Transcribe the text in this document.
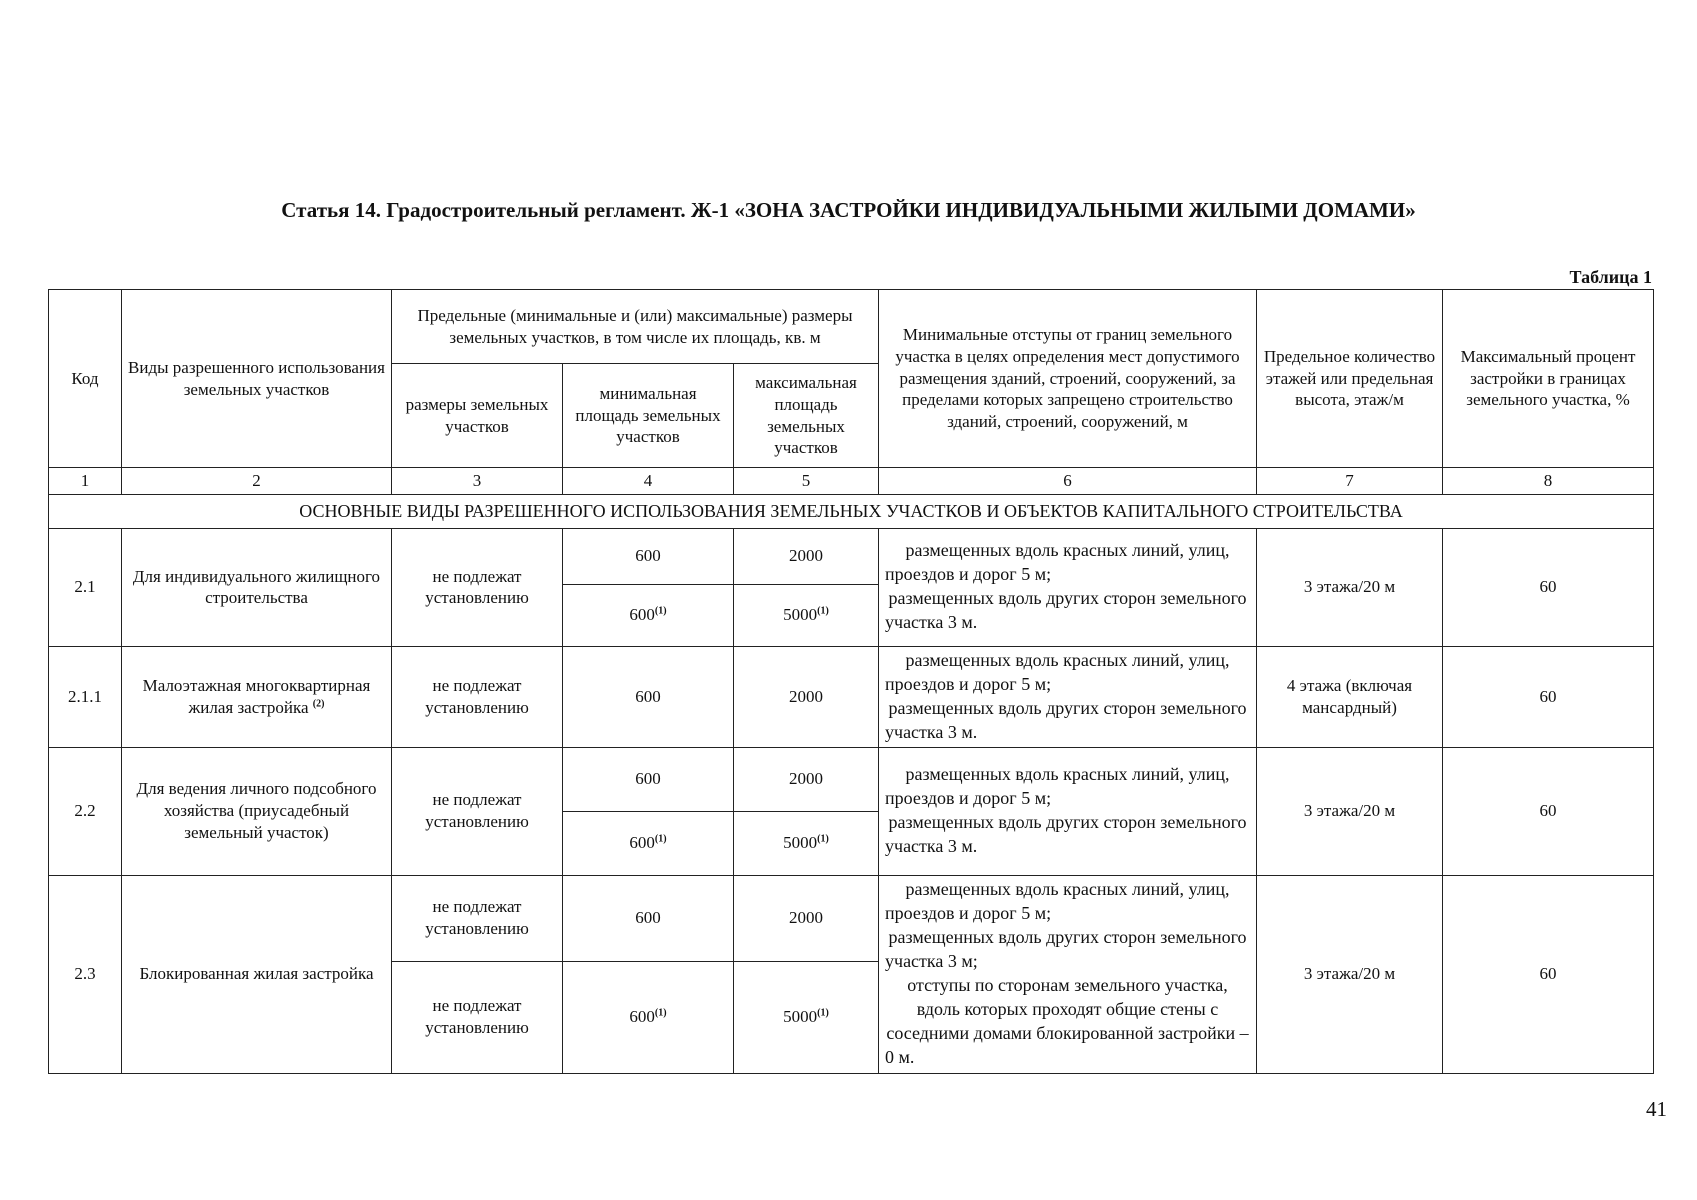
Статья 14. Градостроительный регламент. Ж-1 «ЗОНА ЗАСТРОЙКИ ИНДИВИДУАЛЬНЫМИ ЖИЛЫМИ ДОМАМИ»
Таблица 1
Код	Виды разрешенного использования земельных участков	Предельные (минимальные и (или) максимальные) размеры земельных участков, в том числе их площадь, кв. м			Минимальные отступы от границ земельного участка в целях определения мест допустимого размещения зданий, строений, сооружений, за пределами которых запрещено строительство зданий, строений, сооружений, м	Предельное количество этажей или предельная высота, этаж/м	Максимальный процент застройки в границах земельного участка, %
		размеры земельных участков	минимальная площадь земельных участков	максимальная площадь земельных участков			
1	2	3	4	5	6	7	8
ОСНОВНЫЕ ВИДЫ РАЗРЕШЕННОГО ИСПОЛЬЗОВАНИЯ ЗЕМЕЛЬНЫХ УЧАСТКОВ И ОБЪЕКТОВ КАПИТАЛЬНОГО СТРОИТЕЛЬСТВА							
2.1	Для индивидуального жилищного строительства	не подлежат установлению	600	2000	размещенных вдоль красных линий, улиц, проездов и дорог 5 м;
размещенных вдоль других сторон земельного участка 3 м.	3 этажа/20 м	60
			600$^{(1)}$	5000$^{(1)}$
2.1.1	Малоэтажная многоквартирная жилая застройка $^{(2)}$	не подлежат установлению	600	2000	размещенных вдоль красных линий, улиц, проездов и дорог 5 м;
размещенных вдоль других сторон земельного участка 3 м.	4 этажа (включая мансардный)	60
2.2	Для ведения личного подсобного хозяйства (приусадебный земельный участок)	не подлежат установлению	600	2000	размещенных вдоль красных линий, улиц, проездов и дорог 5 м;
размещенных вдоль других сторон земельного участка 3 м.	3 этажа/20 м	60
			600$^{(1)}$	5000$^{(1)}$
2.3	Блокированная жилая застройка	не подлежат установлению	600	2000	размещенных вдоль красных линий, улиц, проездов и дорог 5 м;
размещенных вдоль других сторон земельного участка 3 м;
отступы по сторонам земельного участка, вдоль которых проходят общие стены с соседними домами блокированной застройки – 0 м.	3 этажа/20 м	60
		не подлежат установлению	600$^{(1)}$	5000$^{(1)}$
41
